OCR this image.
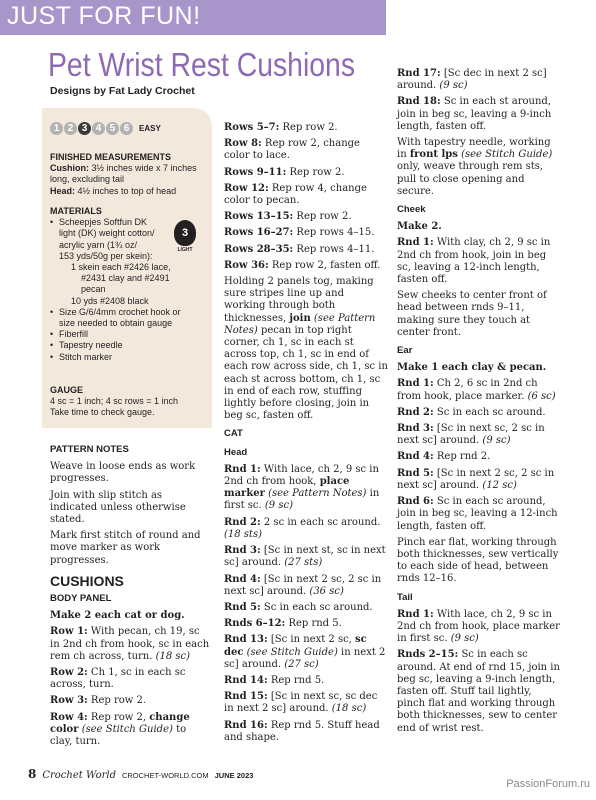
JUST FOR FUN!
Pet Wrist Rest Cushions
Designs by Fat Lady Crochet
1 2 3 4 5 6	EASY
FINISHED MEASUREMENTS
Cushion: 3½ inches wide x 7 inches long, excluding tail
Head: 4½ inches to top of head
MATERIALS
• Scheepjes Softfun DK
light (DK) weight cotton/
acrylic yarn (1¾ oz/
153 yds/50g per skein):
1 skein each #2426 lace,
#2431 clay and #2491
pecan
10 yds #2408 black
• Size G/6/4mm crochet hook or
size needed to obtain gauge
• Fiberfill
• Tapestry needle
• Stitch marker
3
LIGHT
GAUGE
4 sc = 1 inch; 4 sc rows = 1 inch
Take time to check gauge.
PATTERN NOTES

Weave in loose ends as work progresses.

Join with slip stitch as indicated unless otherwise stated.

Mark first stitch of round and move marker as work progresses.

CUSHIONS
BODY PANEL

Make 2 each cat or dog.

Row 1: With pecan, ch 19, sc in 2nd ch from hook, sc in each rem ch across, turn. (18 sc)

Row 2: Ch 1, sc in each sc across, turn.

Row 3: Rep row 2.

Row 4: Rep row 2, change color (see Stitch Guide) to clay, turn.

Rows 5–7: Rep row 2.

Row 8: Rep row 2, change color to lace.

Rows 9–11: Rep row 2.

Row 12: Rep row 4, change color to pecan.

Rows 13–15: Rep row 2.

Rows 16–27: Rep rows 4–15.

Rows 28–35: Rep rows 4–11.

Row 36: Rep row 2, fasten off.

Holding 2 panels tog, making sure stripes line up and working through both thicknesses, join (see Pattern Notes) pecan in top right corner, ch 1, sc in each st across top, ch 1, sc in end of each row across side, ch 1, sc in each st across bottom, ch 1, sc in end of each row, stuffing lightly before closing, join in beg sc, fasten off.

CAT
Head

Rnd 1: With lace, ch 2, 9 sc in 2nd ch from hook, place marker (see Pattern Notes) in first sc. (9 sc)

Rnd 2: 2 sc in each sc around. (18 sts)

Rnd 3: [Sc in next st, sc in next sc] around. (27 sts)

Rnd 4: [Sc in next 2 sc, 2 sc in next sc] around. (36 sc)

Rnd 5: Sc in each sc around.

Rnds 6–12: Rep rnd 5.

Rnd 13: [Sc in next 2 sc, sc dec (see Stitch Guide) in next 2 sc] around. (27 sc)

Rnd 14: Rep rnd 5.

Rnd 15: [Sc in next sc, sc dec in next 2 sc] around. (18 sc)

Rnd 16: Rep rnd 5. Stuff head and shape.

Rnd 17: [Sc dec in next 2 sc] around. (9 sc)

Rnd 18: Sc in each st around, join in beg sc, leaving a 9-inch length, fasten off.

With tapestry needle, working in front lps (see Stitch Guide) only, weave through rem sts, pull to close opening and secure.

Cheek

Make 2.

Rnd 1: With clay, ch 2, 9 sc in 2nd ch from hook, join in beg sc, leaving a 12-inch length, fasten off.

Sew cheeks to center front of head between rnds 9–11, making sure they touch at center front.

Ear

Make 1 each clay & pecan.

Rnd 1: Ch 2, 6 sc in 2nd ch from hook, place marker. (6 sc)

Rnd 2: Sc in each sc around.

Rnd 3: [Sc in next sc, 2 sc in next sc] around. (9 sc)

Rnd 4: Rep rnd 2.

Rnd 5: [Sc in next 2 sc, 2 sc in next sc] around. (12 sc)

Rnd 6: Sc in each sc around, join in beg sc, leaving a 12-inch length, fasten off.

Pinch ear flat, working through both thicknesses, sew vertically to each side of head, between rnds 12–16.

Tail

Rnd 1: With lace, ch 2, 9 sc in 2nd ch from hook, place marker in first sc. (9 sc)

Rnds 2–15: Sc in each sc around. At end of rnd 15, join in beg sc, leaving a 9-inch length, fasten off. Stuff tail lightly, pinch flat and working through both thicknesses, sew to center end of wrist rest.

8 Crochet World CROCHET-WORLD.COM JUNE 2023
PassionForum.ru
